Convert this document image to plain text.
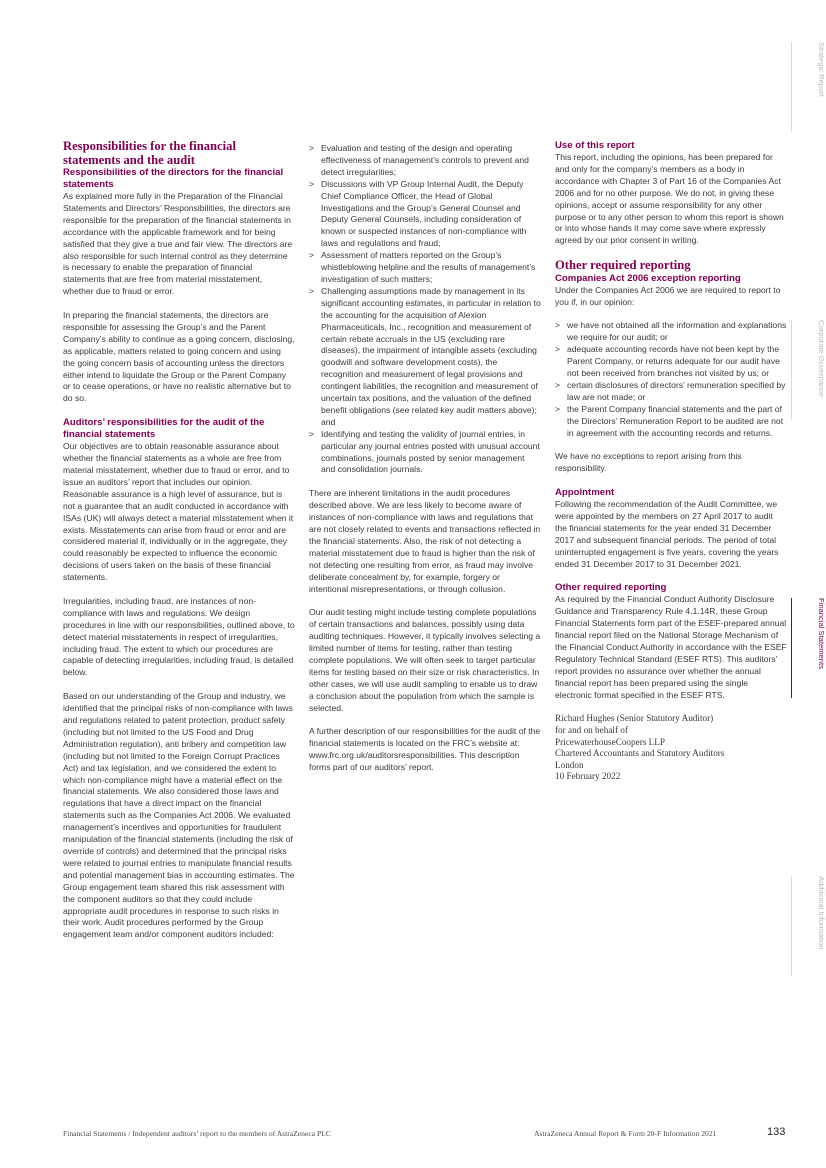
Responsibilities for the financial statements and the audit
Responsibilities of the directors for the financial statements

As explained more fully in the Preparation of the Financial Statements and Directors’ Responsibilities, the directors are responsible for the preparation of the financial statements in accordance with the applicable framework and for being satisfied that they give a true and fair view. The directors are also responsible for such internal control as they determine is necessary to enable the preparation of financial statements that are free from material misstatement, whether due to fraud or error.

In preparing the financial statements, the directors are responsible for assessing the Group’s and the Parent Company’s ability to continue as a going concern, disclosing, as applicable, matters related to going concern and using the going concern basis of accounting unless the directors either intend to liquidate the Group or the Parent Company or to cease operations, or have no realistic alternative but to do so.

Auditors’ responsibilities for the audit of the financial statements

Our objectives are to obtain reasonable assurance about whether the financial statements as a whole are free from material misstatement, whether due to fraud or error, and to issue an auditors’ report that includes our opinion. Reasonable assurance is a high level of assurance, but is not a guarantee that an audit conducted in accordance with ISAs (UK) will always detect a material misstatement when it exists. Misstatements can arise from fraud or error and are considered material if, individually or in the aggregate, they could reasonably be expected to influence the economic decisions of users taken on the basis of these financial statements.

Irregularities, including fraud, are instances of non-compliance with laws and regulations. We design procedures in line with our responsibilities, outlined above, to detect material misstatements in respect of irregularities, including fraud. The extent to which our procedures are capable of detecting irregularities, including fraud, is detailed below.

Based on our understanding of the Group and industry, we identified that the principal risks of non-compliance with laws and regulations related to patent protection, product safety (including but not limited to the US Food and Drug Administration regulation), anti bribery and competition law (including but not limited to the Foreign Corrupt Practices Act) and tax legislation, and we considered the extent to which non-compliance might have a material effect on the financial statements. We also considered those laws and regulations that have a direct impact on the financial statements such as the Companies Act 2006. We evaluated management’s incentives and opportunities for fraudulent manipulation of the financial statements (including the risk of override of controls) and determined that the principal risks were related to journal entries to manipulate financial results and potential management bias in accounting estimates. The Group engagement team shared this risk assessment with the component auditors so that they could include appropriate audit procedures in response to such risks in their work. Audit procedures performed by the Group engagement team and/or component auditors included:

> Evaluation and testing of the design and operating effectiveness of management’s controls to prevent and detect irregularities;
> Discussions with VP Group Internal Audit, the Deputy Chief Compliance Officer, the Head of Global Investigations and the Group’s General Counsel and Deputy General Counsels, including consideration of known or suspected instances of non-compliance with laws and regulations and fraud;
> Assessment of matters reported on the Group’s whistleblowing helpline and the results of management’s investigation of such matters;
> Challenging assumptions made by management in its significant accounting estimates, in particular in relation to the accounting for the acquisition of Alexion Pharmaceuticals, Inc., recognition and measurement of certain rebate accruals in the US (excluding rare diseases), the impairment of intangible assets (excluding goodwill and software development costs), the recognition and measurement of legal provisions and contingent liabilities, the recognition and measurement of uncertain tax positions, and the valuation of the defined benefit obligations (see related key audit matters above); and
> Identifying and testing the validity of journal entries, in particular any journal entries posted with unusual account combinations, journals posted by senior management and consolidation journals.

There are inherent limitations in the audit procedures described above. We are less likely to become aware of instances of non-compliance with laws and regulations that are not closely related to events and transactions reflected in the financial statements. Also, the risk of not detecting a material misstatement due to fraud is higher than the risk of not detecting one resulting from error, as fraud may involve deliberate concealment by, for example, forgery or intentional misrepresentations, or through collusion.

Our audit testing might include testing complete populations of certain transactions and balances, possibly using data auditing techniques. However, it typically involves selecting a limited number of items for testing, rather than testing complete populations. We will often seek to target particular items for testing based on their size or risk characteristics. In other cases, we will use audit sampling to enable us to draw a conclusion about the population from which the sample is selected.

A further description of our responsibilities for the audit of the financial statements is located on the FRC’s website at: www.frc.org.uk/auditorsresponsibilities. This description forms part of our auditors’ report.

Use of this report

This report, including the opinions, has been prepared for and only for the company’s members as a body in accordance with Chapter 3 of Part 16 of the Companies Act 2006 and for no other purpose. We do not, in giving these opinions, accept or assume responsibility for any other purpose or to any other person to whom this report is shown or into whose hands it may come save where expressly agreed by our prior consent in writing.

Other required reporting
Companies Act 2006 exception reporting

Under the Companies Act 2006 we are required to report to you if, in our opinion:

> we have not obtained all the information and explanations we require for our audit; or
> adequate accounting records have not been kept by the Parent Company, or returns adequate for our audit have not been received from branches not visited by us; or
> certain disclosures of directors’ remuneration specified by law are not made; or
> the Parent Company financial statements and the part of the Directors’ Remuneration Report to be audited are not in agreement with the accounting records and returns.

We have no exceptions to report arising from this responsibility.

Appointment

Following the recommendation of the Audit Committee, we were appointed by the members on 27 April 2017 to audit the financial statements for the year ended 31 December 2017 and subsequent financial periods. The period of total uninterrupted engagement is five years, covering the years ended 31 December 2017 to 31 December 2021.

Other required reporting

As required by the Financial Conduct Authority Disclosure Guidance and Transparency Rule 4.1.14R, these Group Financial Statements form part of the ESEF-prepared annual financial report filed on the National Storage Mechanism of the Financial Conduct Authority in accordance with the ESEF Regulatory Technical Standard (ESEF RTS). This auditors’ report provides no assurance over whether the annual financial report has been prepared using the single electronic format specified in the ESEF RTS.

Richard Hughes (Senior Statutory Auditor)
for and on behalf of
PricewaterhouseCoopers LLP
Chartered Accountants and Statutory Auditors
London
10 February 2022
Strategic Report
Corporate Governance
Financial Statements
Additional Information
Financial Statements / Independent auditors’ report to the members of AstraZeneca PLC	AstraZeneca Annual Report & Form 20-F Information 2021	133
